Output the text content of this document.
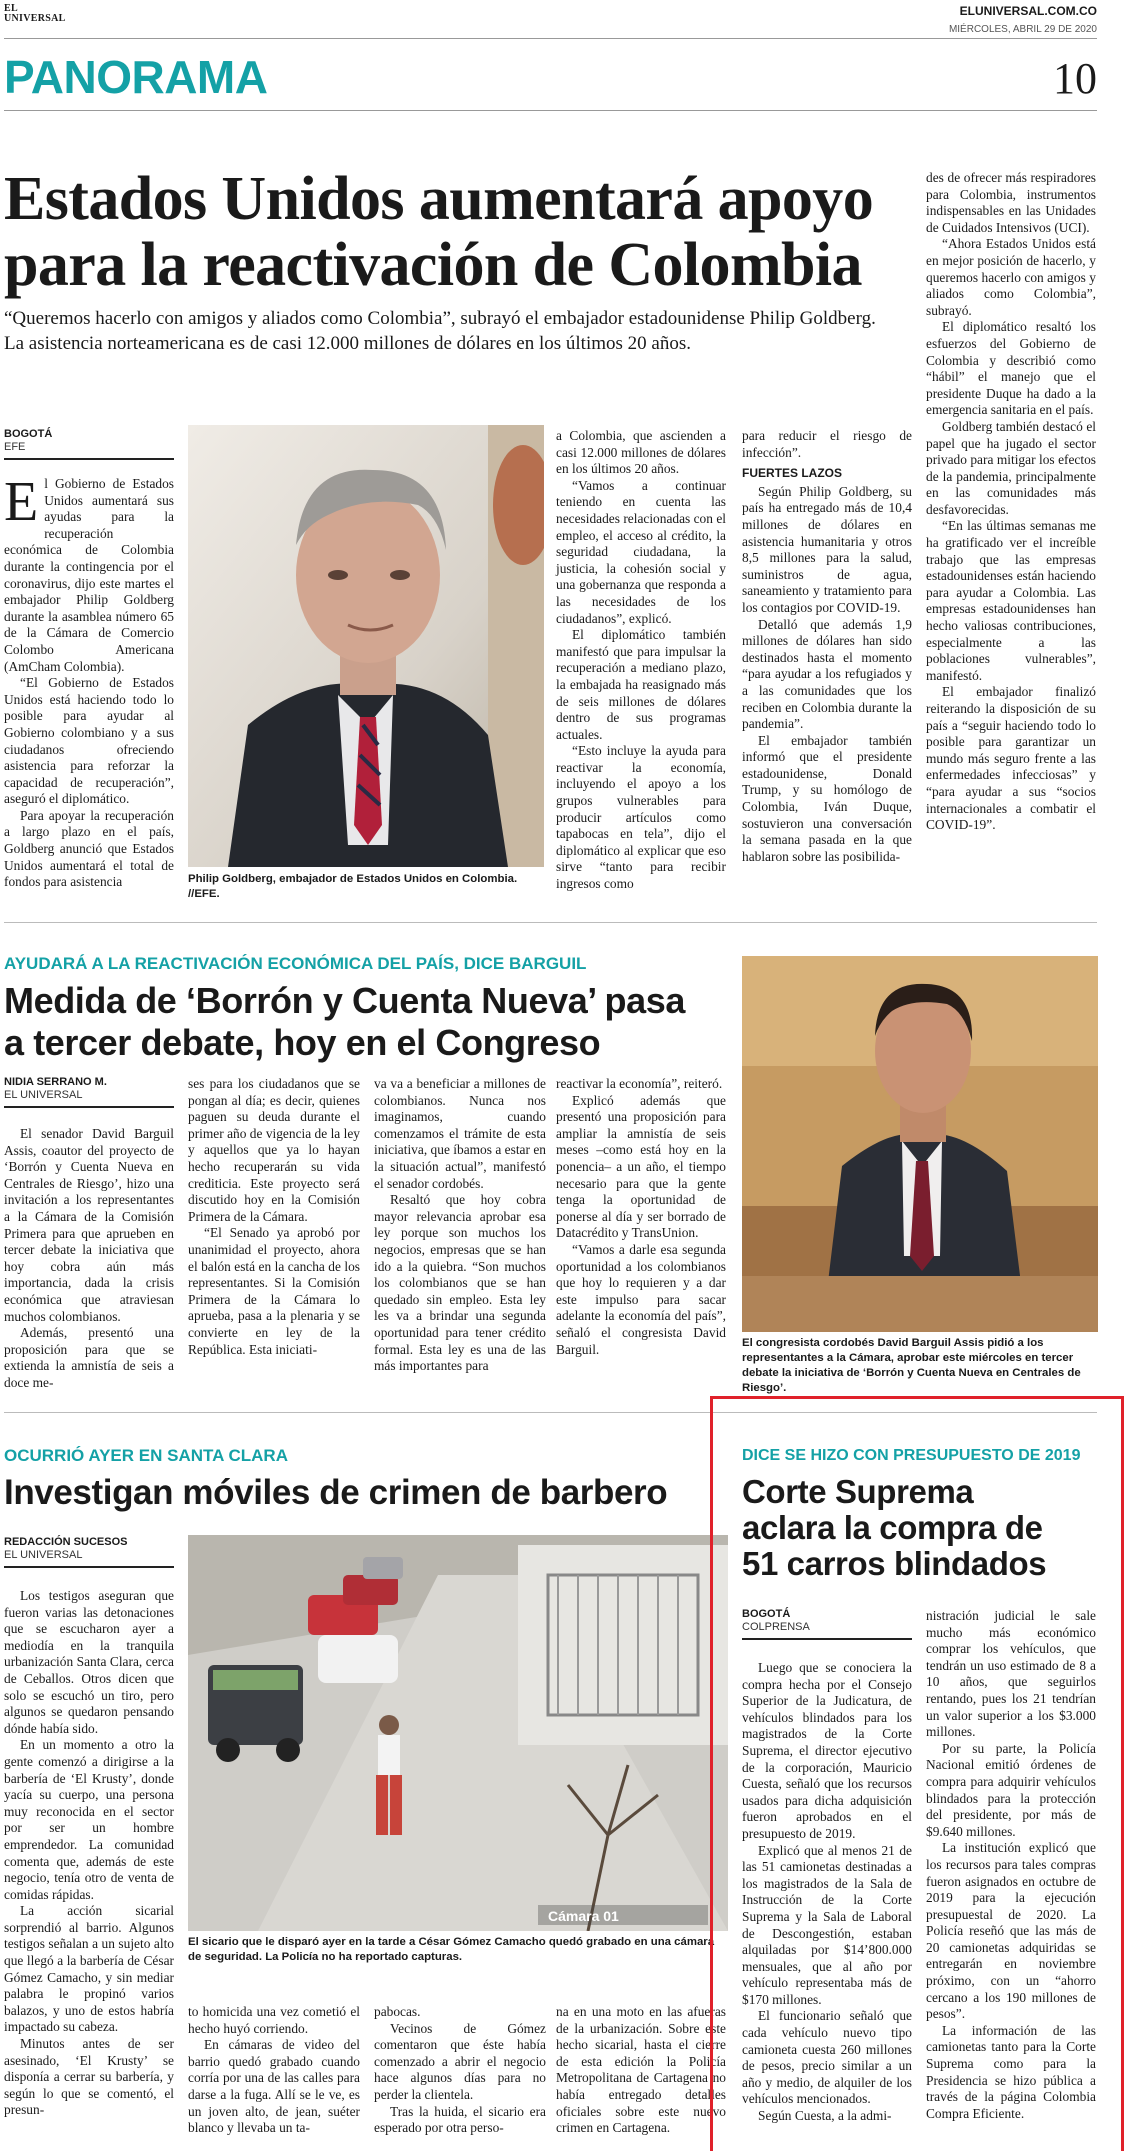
EL
UNIVERSAL
ELUNIVERSAL.COM.CO
MIÉRCOLES, ABRIL 29 DE 2020
PANORAMA	10
Estados Unidos aumentará apoyo
para la reactivación de Colombia
“Queremos hacerlo con amigos y aliados como Colombia”, subrayó el embajador estadounidense Philip Goldberg. La asistencia norteamericana es de casi 12.000 millones de dólares en los últimos 20 años.
BOGOTÁ
EFE

El Gobierno de Estados Unidos aumentará sus ayudas para la recuperación económica de Colombia durante la contingencia por el coronavirus, dijo este martes el embajador Philip Goldberg durante la asamblea número 65 de la Cámara de Comercio Colombo Americana (AmCham Colombia).

“El Gobierno de Estados Unidos está haciendo todo lo posible para ayudar al Gobierno colombiano y a sus ciudadanos ofreciendo asistencia para reforzar la capacidad de recuperación”, aseguró el diplomático.

Para apoyar la recuperación a largo plazo en el país, Goldberg anunció que Estados Unidos aumentará el total de fondos para asistencia	Philip Goldberg, embajador de Estados Unidos en Colombia. //EFE.

a Colombia, que ascienden a casi 12.000 millones de dólares en los últimos 20 años.

“Vamos a continuar teniendo en cuenta las necesidades relacionadas con el empleo, el acceso al crédito, la seguridad ciudadana, la justicia, la cohesión social y una gobernanza que responda a las necesidades de los ciudadanos”, explicó.

El diplomático también manifestó que para impulsar la recuperación a mediano plazo, la embajada ha reasignado más de seis millones de dólares dentro de sus programas actuales.

“Esto incluye la ayuda para reactivar la economía, incluyendo el apoyo a los grupos vulnerables para producir artículos como tapabocas en tela”, dijo el diplomático al explicar que eso sirve “tanto para recibir ingresos como

para reducir el riesgo de infección”.

FUERTES LAZOS

Según Philip Goldberg, su país ha entregado más de 10,4 millones de dólares en asistencia humanitaria y otros 8,5 millones para la salud, suministros de agua, saneamiento y tratamiento para los contagios por COVID-19.

Detalló que además 1,9 millones de dólares han sido destinados hasta el momento “para ayudar a los refugiados y a las comunidades que los reciben en Colombia durante la pandemia”.

El embajador también informó que el presidente estadounidense, Donald Trump, y su homólogo de Colombia, Iván Duque, sostuvieron una conversación la semana pasada en la que hablaron sobre las posibilida-

des de ofrecer más respiradores para Colombia, instrumentos indispensables en las Unidades de Cuidados Intensivos (UCI).

“Ahora Estados Unidos está en mejor posición de hacerlo, y queremos hacerlo con amigos y aliados como Colombia”, subrayó.

El diplomático resaltó los esfuerzos del Gobierno de Colombia y describió como “hábil” el manejo que el presidente Duque ha dado a la emergencia sanitaria en el país.

Goldberg también destacó el papel que ha jugado el sector privado para mitigar los efectos de la pandemia, principalmente en las comunidades más desfavorecidas.

“En las últimas semanas me ha gratificado ver el increíble trabajo que las empresas estadounidenses están haciendo para ayudar a Colombia. Las empresas estadounidenses han hecho valiosas contribuciones, especialmente a las poblaciones vulnerables”, manifestó.

El embajador finalizó reiterando la disposición de su país a “seguir haciendo todo lo posible para garantizar un mundo más seguro frente a las enfermedades infecciosas” y “para ayudar a sus “socios internacionales a combatir el COVID-19”.

AYUDARÁ A LA REACTIVACIÓN ECONÓMICA DEL PAÍS, DICE BARGUIL
Medida de ‘Borrón y Cuenta Nueva’ pasa
a tercer debate, hoy en el Congreso
NIDIA SERRANO M.
EL UNIVERSAL

El senador David Barguil Assis, coautor del proyecto de ‘Borrón y Cuenta Nueva en Centrales de Riesgo’, hizo una invitación a los representantes a la Cámara de la Comisión Primera para que aprueben en tercer debate la iniciativa que hoy cobra aún más importancia, dada la crisis económica que atraviesan muchos colombianos.

Además, presentó una proposición para que se extienda la amnistía de seis a doce me-

ses para los ciudadanos que se pongan al día; es decir, quienes paguen su deuda durante el primer año de vigencia de la ley y aquellos que ya lo hayan hecho recuperarán su vida crediticia. Este proyecto será discutido hoy en la Comisión Primera de la Cámara.

“El Senado ya aprobó por unanimidad el proyecto, ahora el balón está en la cancha de los representantes. Si la Comisión Primera de la Cámara lo aprueba, pasa a la plenaria y se convierte en ley de la República. Esta iniciati-

va va a beneficiar a millones de colombianos. Nunca nos imaginamos, cuando comenzamos el trámite de esta iniciativa, que íbamos a estar en la situación actual”, manifestó el senador cordobés.

Resaltó que hoy cobra mayor relevancia aprobar esa ley porque son muchos los negocios, empresas que se han ido a la quiebra. “Son muchos los colombianos que se han quedado sin empleo. Esta ley les va a brindar una segunda oportunidad para tener crédito formal. Esta ley es una de las más importantes para

reactivar la economía”, reiteró.

Explicó además que presentó una proposición para ampliar la amnistía de seis meses –como está hoy en la ponencia– a un año, el tiempo necesario para que la gente tenga la oportunidad de ponerse al día y ser borrado de Datacrédito y TransUnion.

“Vamos a darle esa segunda oportunidad a los colombianos que hoy lo requieren y a dar este impulso para sacar adelante la economía del país”, señaló el congresista David Barguil.	El congresista cordobés David Barguil Assis pidió a los representantes a la Cámara, aprobar este miércoles en tercer debate la iniciativa de ‘Borrón y Cuenta Nueva en Centrales de Riesgo’.
OCURRIÓ AYER EN SANTA CLARA
Investigan móviles de crimen de barbero
REDACCIÓN SUCESOS
EL UNIVERSAL

Los testigos aseguran que fueron varias las detonaciones que se escucharon ayer a mediodía en la tranquila urbanización Santa Clara, cerca de Ceballos. Otros dicen que solo se escuchó un tiro, pero algunos se quedaron pensando dónde había sido.

En un momento a otro la gente comenzó a dirigirse a la barbería de ‘El Krusty’, donde yacía su cuerpo, una persona muy reconocida en el sector por ser un hombre emprendedor. La comunidad comenta que, además de este negocio, tenía otro de venta de comidas rápidas.

La acción sicarial sorprendió al barrio. Algunos testigos señalan a un sujeto alto que llegó a la barbería de César Gómez Camacho, y sin mediar palabra le propinó varios balazos, y uno de estos habría impactado su cabeza.

Minutos antes de ser asesinado, ‘El Krusty’ se disponía a cerrar su barbería, y según lo que se comentó, el presun-

Cámara 01
El sicario que le disparó ayer en la tarde a César Gómez Camacho quedó grabado en una cámara de seguridad. La Policía no ha reportado capturas.

to homicida una vez cometió el hecho huyó corriendo.

En cámaras de video del barrio quedó grabado cuando corría por una de las calles para darse a la fuga. Allí se le ve, es un joven alto, de jean, suéter blanco y llevaba un ta-

pabocas.

Vecinos de Gómez comentaron que éste había comenzado a abrir el negocio hace algunos días para no perder la clientela.

Tras la huida, el sicario era esperado por otra perso-

na en una moto en las afueras de la urbanización. Sobre este hecho sicarial, hasta el cierre de esta edición la Policía Metropolitana de Cartagena no había entregado detalles oficiales sobre este nuevo crimen en Cartagena.

DICE SE HIZO CON PRESUPUESTO DE 2019
Corte Suprema
aclara la compra de
51 carros blindados
BOGOTÁ
COLPRENSA

Luego que se conociera la compra hecha por el Consejo Superior de la Judicatura, de vehículos blindados para los magistrados de la Corte Suprema, el director ejecutivo de la corporación, Mauricio Cuesta, señaló que los recursos usados para dicha adquisición fueron aprobados en el presupuesto de 2019.

Explicó que al menos 21 de las 51 camionetas destinadas a los magistrados de la Sala de Instrucción de la Corte Suprema y la Sala de Laboral de Descongestión, estaban alquiladas por $14’800.000 mensuales, que al año por vehículo representaba más de $170 millones.

El funcionario señaló que cada vehículo nuevo tipo camioneta cuesta 260 millones de pesos, precio similar a un año y medio, de alquiler de los vehículos mencionados.

Según Cuesta, a la admi-

nistración judicial le sale mucho más económico comprar los vehículos, que tendrán un uso estimado de 8 a 10 años, que seguirlos rentando, pues los 21 tendrían un valor superior a los $3.000 millones.

Por su parte, la Policía Nacional emitió órdenes de compra para adquirir vehículos blindados para la protección del presidente, por más de $9.640 millones.

La institución explicó que los recursos para tales compras fueron asignados en octubre de 2019 para la ejecución presupuestal de 2020. La Policía reseñó que las más de 20 camionetas adquiridas se entregarán en noviembre próximo, con un “ahorro cercano a los 190 millones de pesos”.

La información de las camionetas tanto para la Corte Suprema como para la Presidencia se hizo pública a través de la página Colombia Compra Eficiente.
